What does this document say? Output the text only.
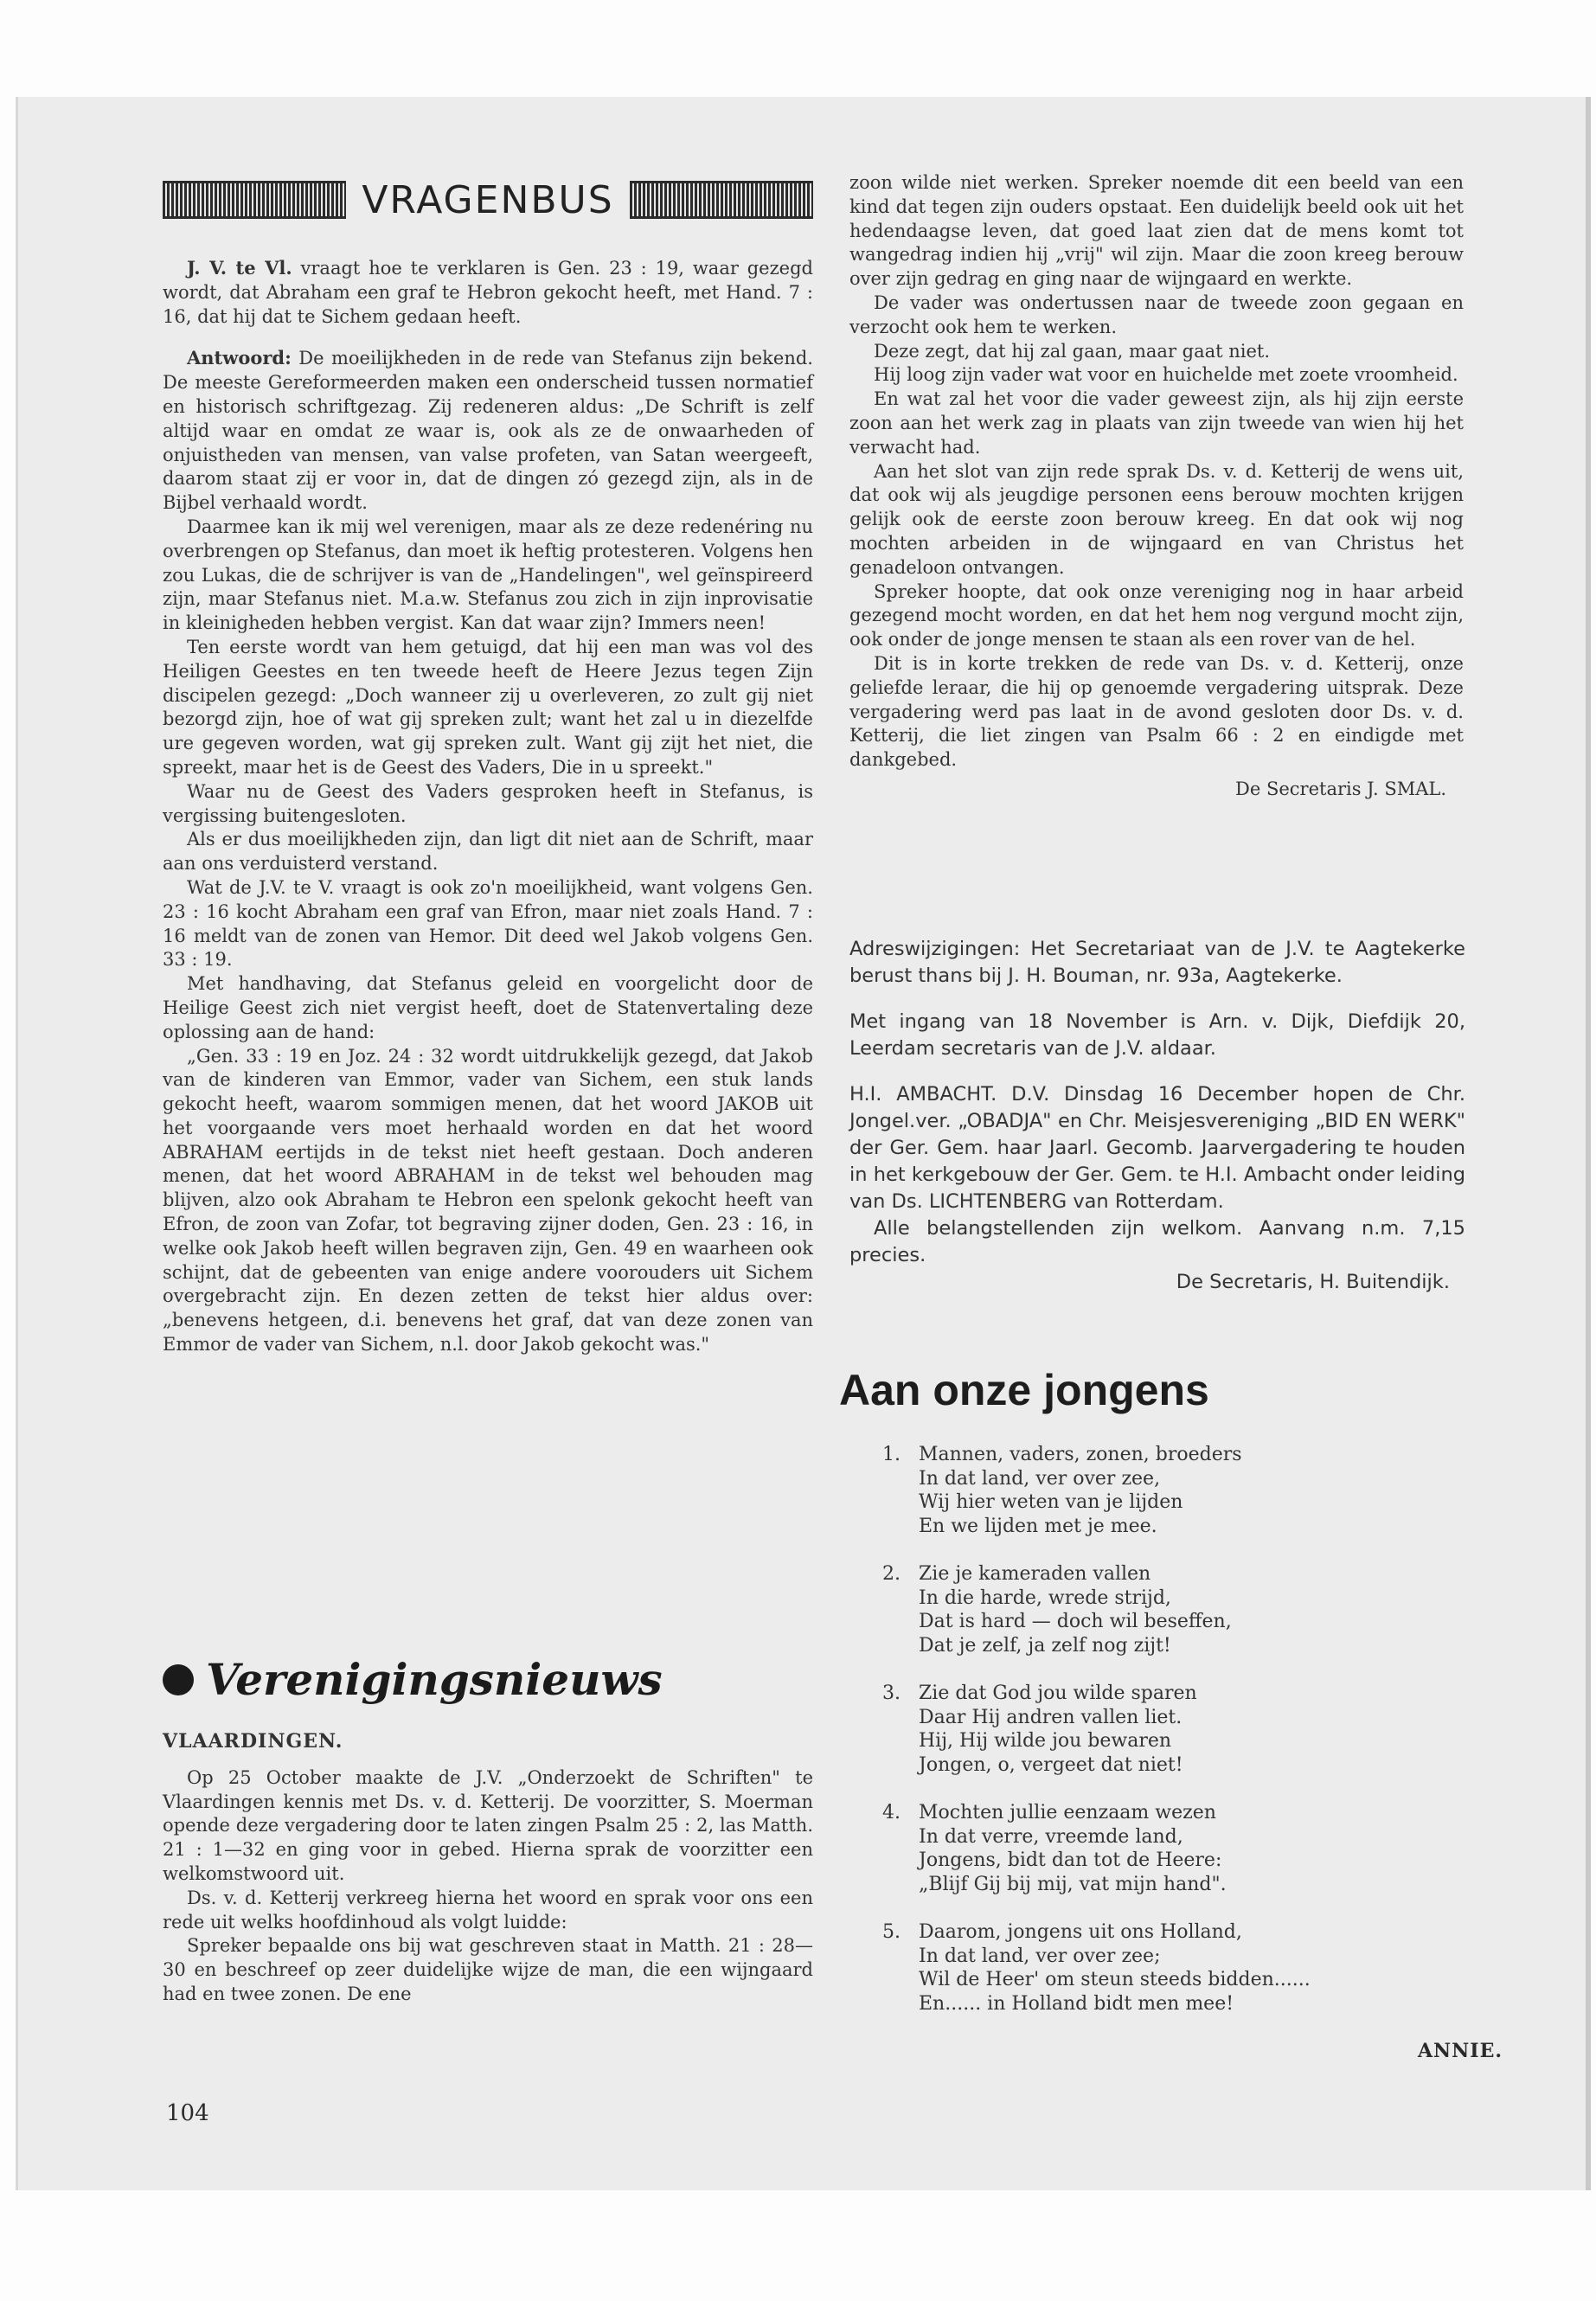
VRAGENBUS

J. V. te Vl. vraagt hoe te verklaren is Gen. 23 : 19, waar gezegd wordt, dat Abraham een graf te Hebron gekocht heeft, met Hand. 7 : 16, dat hij dat te Sichem gedaan heeft.

Antwoord: De moeilijkheden in de rede van Stefanus zijn bekend. De meeste Gereformeerden maken een onderscheid tussen normatief en historisch schriftgezag. Zij redeneren aldus: „De Schrift is zelf altijd waar en omdat ze waar is, ook als ze de onwaarheden of onjuistheden van mensen, van valse profeten, van Satan weergeeft, daarom staat zij er voor in, dat de dingen zó gezegd zijn, als in de Bijbel verhaald wordt.

Daarmee kan ik mij wel verenigen, maar als ze deze redenéring nu overbrengen op Stefanus, dan moet ik heftig protesteren. Volgens hen zou Lukas, die de schrijver is van de „Handelingen", wel geïnspireerd zijn, maar Stefanus niet. M.a.w. Stefanus zou zich in zijn inprovisatie in kleinigheden hebben vergist. Kan dat waar zijn? Immers neen!

Ten eerste wordt van hem getuigd, dat hij een man was vol des Heiligen Geestes en ten tweede heeft de Heere Jezus tegen Zijn discipelen gezegd: „Doch wanneer zij u overleveren, zo zult gij niet bezorgd zijn, hoe of wat gij spreken zult; want het zal u in diezelfde ure gegeven worden, wat gij spreken zult. Want gij zijt het niet, die spreekt, maar het is de Geest des Vaders, Die in u spreekt."

Waar nu de Geest des Vaders gesproken heeft in Stefanus, is vergissing buitengesloten.

Als er dus moeilijkheden zijn, dan ligt dit niet aan de Schrift, maar aan ons verduisterd verstand.

Wat de J.V. te V. vraagt is ook zo'n moeilijkheid, want volgens Gen. 23 : 16 kocht Abraham een graf van Efron, maar niet zoals Hand. 7 : 16 meldt van de zonen van Hemor. Dit deed wel Jakob volgens Gen. 33 : 19.

Met handhaving, dat Stefanus geleid en voorgelicht door de Heilige Geest zich niet vergist heeft, doet de Statenvertaling deze oplossing aan de hand:

„Gen. 33 : 19 en Joz. 24 : 32 wordt uitdrukkelijk gezegd, dat Jakob van de kinderen van Emmor, vader van Sichem, een stuk lands gekocht heeft, waarom sommigen menen, dat het woord JAKOB uit het voorgaande vers moet herhaald worden en dat het woord ABRAHAM eertijds in de tekst niet heeft gestaan. Doch anderen menen, dat het woord ABRAHAM in de tekst wel behouden mag blijven, alzo ook Abraham te Hebron een spelonk gekocht heeft van Efron, de zoon van Zofar, tot begraving zijner doden, Gen. 23 : 16, in welke ook Jakob heeft willen begraven zijn, Gen. 49 en waarheen ook schijnt, dat de gebeenten van enige andere voorouders uit Sichem overgebracht zijn. En dezen zetten de tekst hier aldus over: „benevens hetgeen, d.i. benevens het graf, dat van deze zonen van Emmor de vader van Sichem, n.l. door Jakob gekocht was."

Verenigingsnieuws

VLAARDINGEN.

Op 25 October maakte de J.V. „Onderzoekt de Schriften" te Vlaardingen kennis met Ds. v. d. Ketterij. De voorzitter, S. Moerman opende deze vergadering door te laten zingen Psalm 25 : 2, las Matth. 21 : 1—32 en ging voor in gebed. Hierna sprak de voorzitter een welkomstwoord uit.

Ds. v. d. Ketterij verkreeg hierna het woord en sprak voor ons een rede uit welks hoofdinhoud als volgt luidde:

Spreker bepaalde ons bij wat geschreven staat in Matth. 21 : 28—30 en beschreef op zeer duidelijke wijze de man, die een wijngaard had en twee zonen. De ene

zoon wilde niet werken. Spreker noemde dit een beeld van een kind dat tegen zijn ouders opstaat. Een duidelijk beeld ook uit het hedendaagse leven, dat goed laat zien dat de mens komt tot wangedrag indien hij „vrij" wil zijn. Maar die zoon kreeg berouw over zijn gedrag en ging naar de wijngaard en werkte.

De vader was ondertussen naar de tweede zoon gegaan en verzocht ook hem te werken.

Deze zegt, dat hij zal gaan, maar gaat niet.

Hij loog zijn vader wat voor en huichelde met zoete vroomheid.

En wat zal het voor die vader geweest zijn, als hij zijn eerste zoon aan het werk zag in plaats van zijn tweede van wien hij het verwacht had.

Aan het slot van zijn rede sprak Ds. v. d. Ketterij de wens uit, dat ook wij als jeugdige personen eens berouw mochten krijgen gelijk ook de eerste zoon berouw kreeg. En dat ook wij nog mochten arbeiden in de wijngaard en van Christus het genadeloon ontvangen.

Spreker hoopte, dat ook onze vereniging nog in haar arbeid gezegend mocht worden, en dat het hem nog vergund mocht zijn, ook onder de jonge mensen te staan als een rover van de hel.

Dit is in korte trekken de rede van Ds. v. d. Ketterij, onze geliefde leraar, die hij op genoemde vergadering uitsprak. Deze vergadering werd pas laat in de avond gesloten door Ds. v. d. Ketterij, die liet zingen van Psalm 66 : 2 en eindigde met dankgebed.

De Secretaris J. SMAL.

Adreswijzigingen: Het Secretariaat van de J.V. te Aagtekerke berust thans bij J. H. Bouman, nr. 93a, Aagtekerke.

Met ingang van 18 November is Arn. v. Dijk, Diefdijk 20, Leerdam secretaris van de J.V. aldaar.

H.I. AMBACHT. D.V. Dinsdag 16 December hopen de Chr. Jongel.ver. „OBADJA" en Chr. Meisjesvereniging „BID EN WERK" der Ger. Gem. haar Jaarl. Gecomb. Jaarvergadering te houden in het kerkgebouw der Ger. Gem. te H.I. Ambacht onder leiding van Ds. LICHTENBERG van Rotterdam.

Alle belangstellenden zijn welkom. Aanvang n.m. 7,15 precies.

De Secretaris, H. Buitendijk.

Aan onze jongens
1. Mannen, vaders, zonen, broeders
In dat land, ver over zee,
Wij hier weten van je lijden
En we lijden met je mee.
2. Zie je kameraden vallen
In die harde, wrede strijd,
Dat is hard — doch wil beseffen,
Dat je zelf, ja zelf nog zijt!
3. Zie dat God jou wilde sparen
Daar Hij andren vallen liet.
Hij, Hij wilde jou bewaren
Jongen, o, vergeet dat niet!
4. Mochten jullie eenzaam wezen
In dat verre, vreemde land,
Jongens, bidt dan tot de Heere:
„Blijf Gij bij mij, vat mijn hand".
5. Daarom, jongens uit ons Holland,
In dat land, ver over zee;
Wil de Heer' om steun steeds bidden......
En...... in Holland bidt men mee!
ANNIE.
104
